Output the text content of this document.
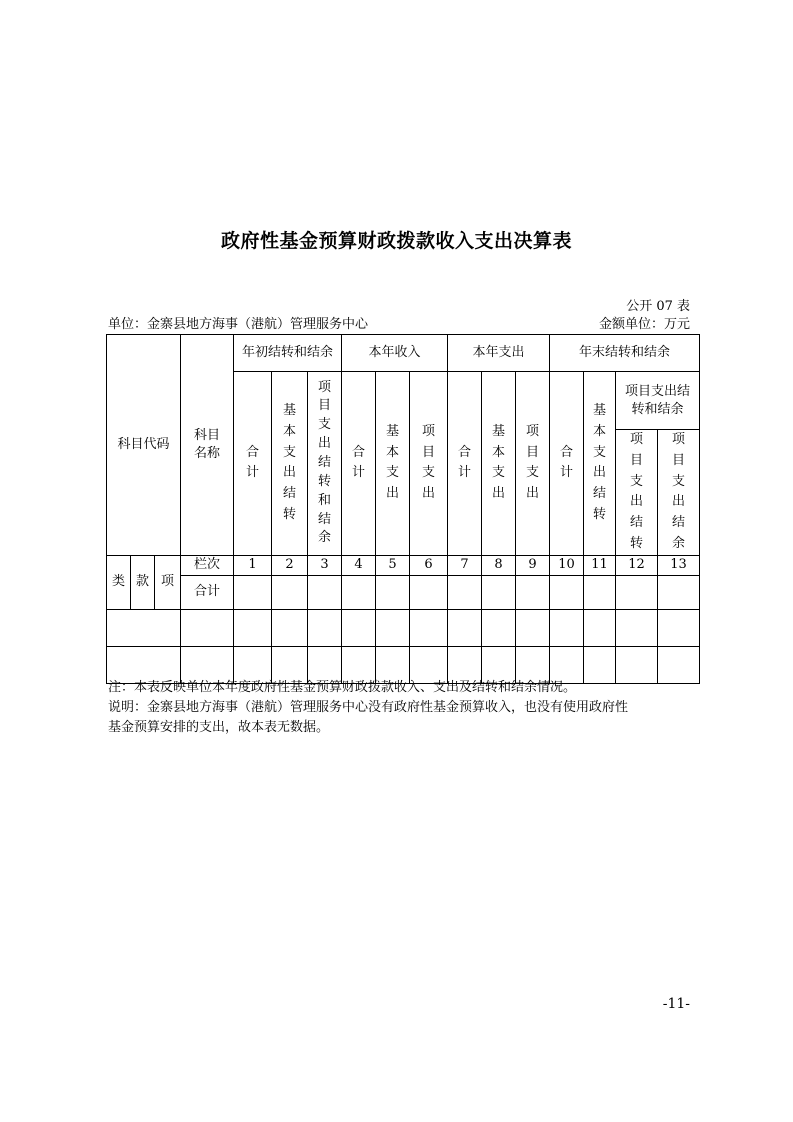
政府性基金预算财政拨款收入支出决算表
公开 07 表
单位：金寨县地方海事（港航）管理服务中心	金额单位：万元
科目代码			科目名称	年初结转和结余			本年收入			本年支出			年末结转和结余			
				合计	基本支出结转	项目支出结转和结余	合计	基本支出	项目支出	合计	基本支出	项目支出	合计	基本支出结转	项目支出结转和结余	
															项目支出结转	项目支出结余
类	款	项	栏次	1	2	3	4	5	6	7	8	9	10	11	12	13
			合计													

注：本表反映单位本年度政府性基金预算财政拨款收入、支出及结转和结余情况。
说明：金寨县地方海事（港航）管理服务中心没有政府性基金预算收入，也没有使用政府性
基金预算安排的支出，故本表无数据。
-11-
